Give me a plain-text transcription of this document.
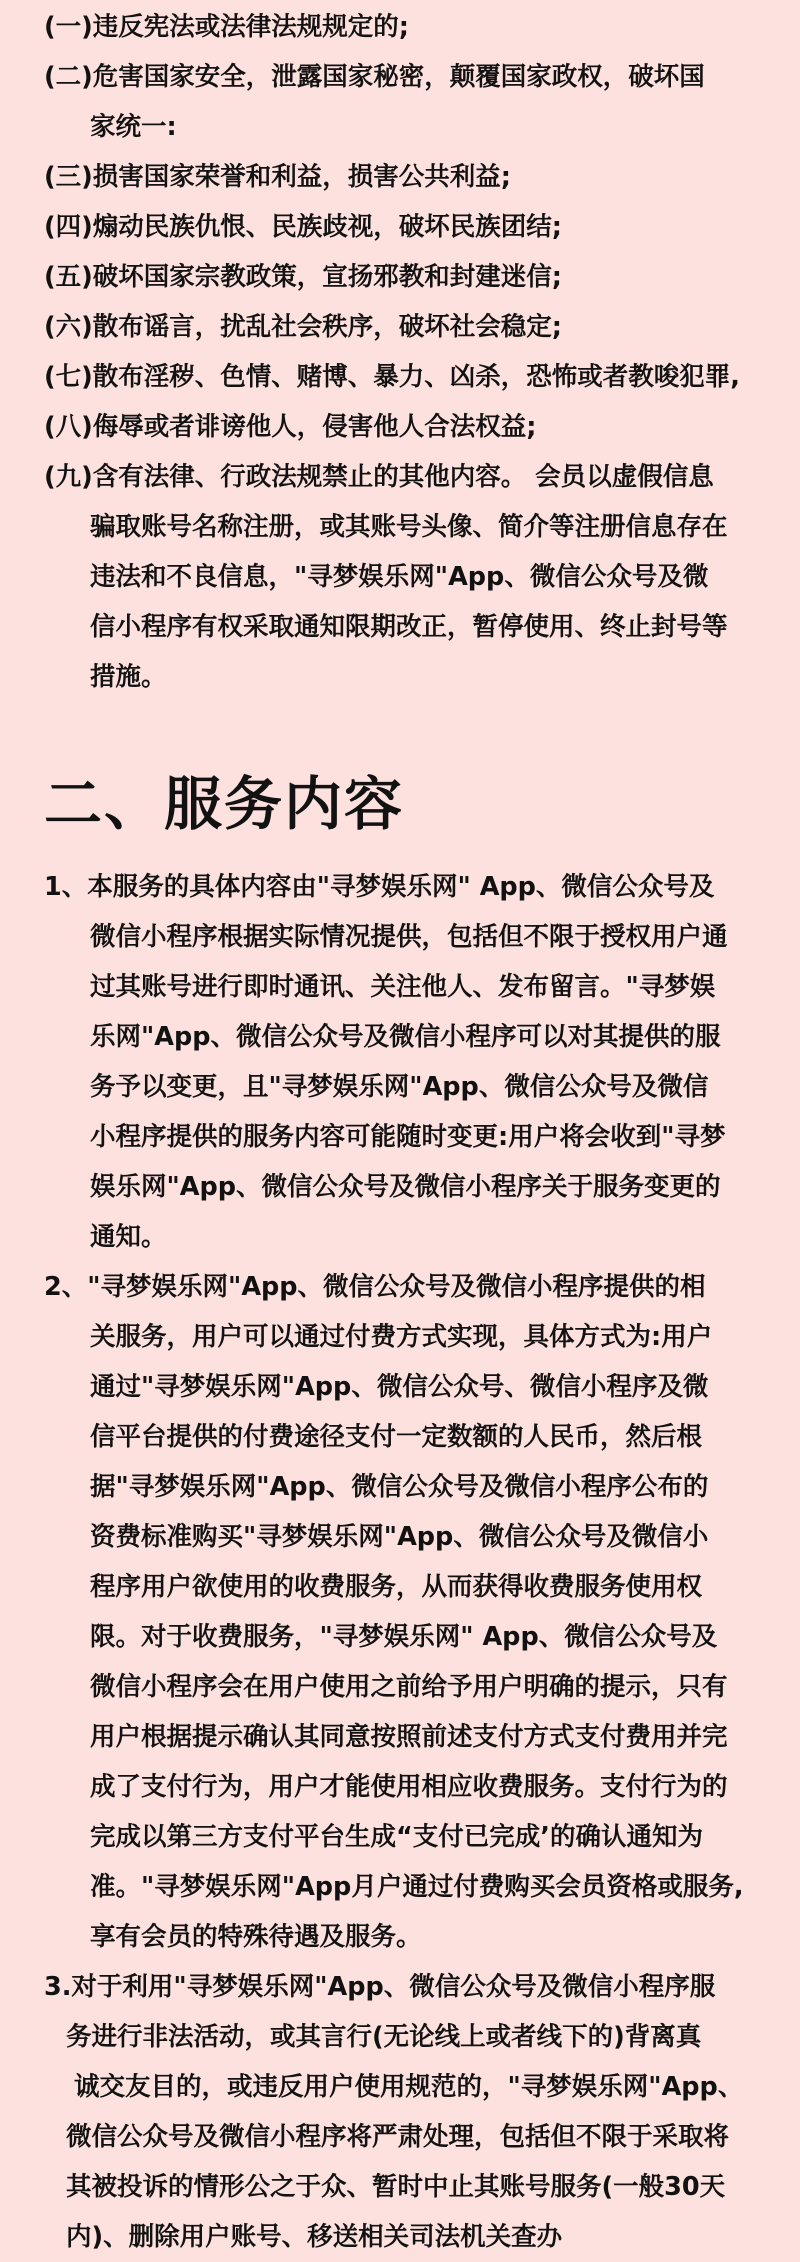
(一)违反宪法或法律法规规定的;
(二)危害国家安全，泄露国家秘密，颠覆国家政权，破坏国
家统一:
(三)损害国家荣誉和利益，损害公共利益;
(四)煽动民族仇恨、民族歧视，破坏民族团结;
(五)破坏国家宗教政策，宣扬邪教和封建迷信;
(六)散布谣言，扰乱社会秩序，破坏社会稳定;
(七)散布淫秽、色情、赌博、暴力、凶杀，恐怖或者教唆犯罪,
(八)侮辱或者诽谤他人，侵害他人合法权益;
(九)含有法律、行政法规禁止的其他内容。 会员以虚假信息
骗取账号名称注册，或其账号头像、简介等注册信息存在
违法和不良信息，"寻梦娱乐网"App、微信公众号及微
信小程序有权采取通知限期改正，暂停使用、终止封号等
措施。
二、服务内容
1、本服务的具体内容由"寻梦娱乐网" App、微信公众号及
微信小程序根据实际情况提供，包括但不限于授权用户通
过其账号进行即时通讯、关注他人、发布留言。"寻梦娱
乐网"App、微信公众号及微信小程序可以对其提供的服
务予以变更，且"寻梦娱乐网"App、微信公众号及微信
小程序提供的服务内容可能随时变更:用户将会收到"寻梦
娱乐网"App、微信公众号及微信小程序关于服务变更的
通知。
2、"寻梦娱乐网"App、微信公众号及微信小程序提供的相
关服务，用户可以通过付费方式实现，具体方式为:用户
通过"寻梦娱乐网"App、微信公众号、微信小程序及微
信平台提供的付费途径支付一定数额的人民币，然后根
据"寻梦娱乐网"App、微信公众号及微信小程序公布的
资费标准购买"寻梦娱乐网"App、微信公众号及微信小
程序用户欲使用的收费服务，从而获得收费服务使用权
限。对于收费服务，"寻梦娱乐网" App、微信公众号及
微信小程序会在用户使用之前给予用户明确的提示，只有
用户根据提示确认其同意按照前述支付方式支付费用并完
成了支付行为，用户才能使用相应收费服务。支付行为的
完成以第三方支付平台生成“支付已完成’的确认通知为
准。"寻梦娱乐网"App月户通过付费购买会员资格或服务,
享有会员的特殊待遇及服务。
3.对于利用"寻梦娱乐网"App、微信公众号及微信小程序服
务进行非法活动，或其言行(无论线上或者线下的)背离真
诚交友目的，或违反用户使用规范的，"寻梦娱乐网"App、
微信公众号及微信小程序将严肃处理，包括但不限于采取将
其被投诉的情形公之于众、暂时中止其账号服务(一般30天
内)、删除用户账号、移送相关司法机关查办
